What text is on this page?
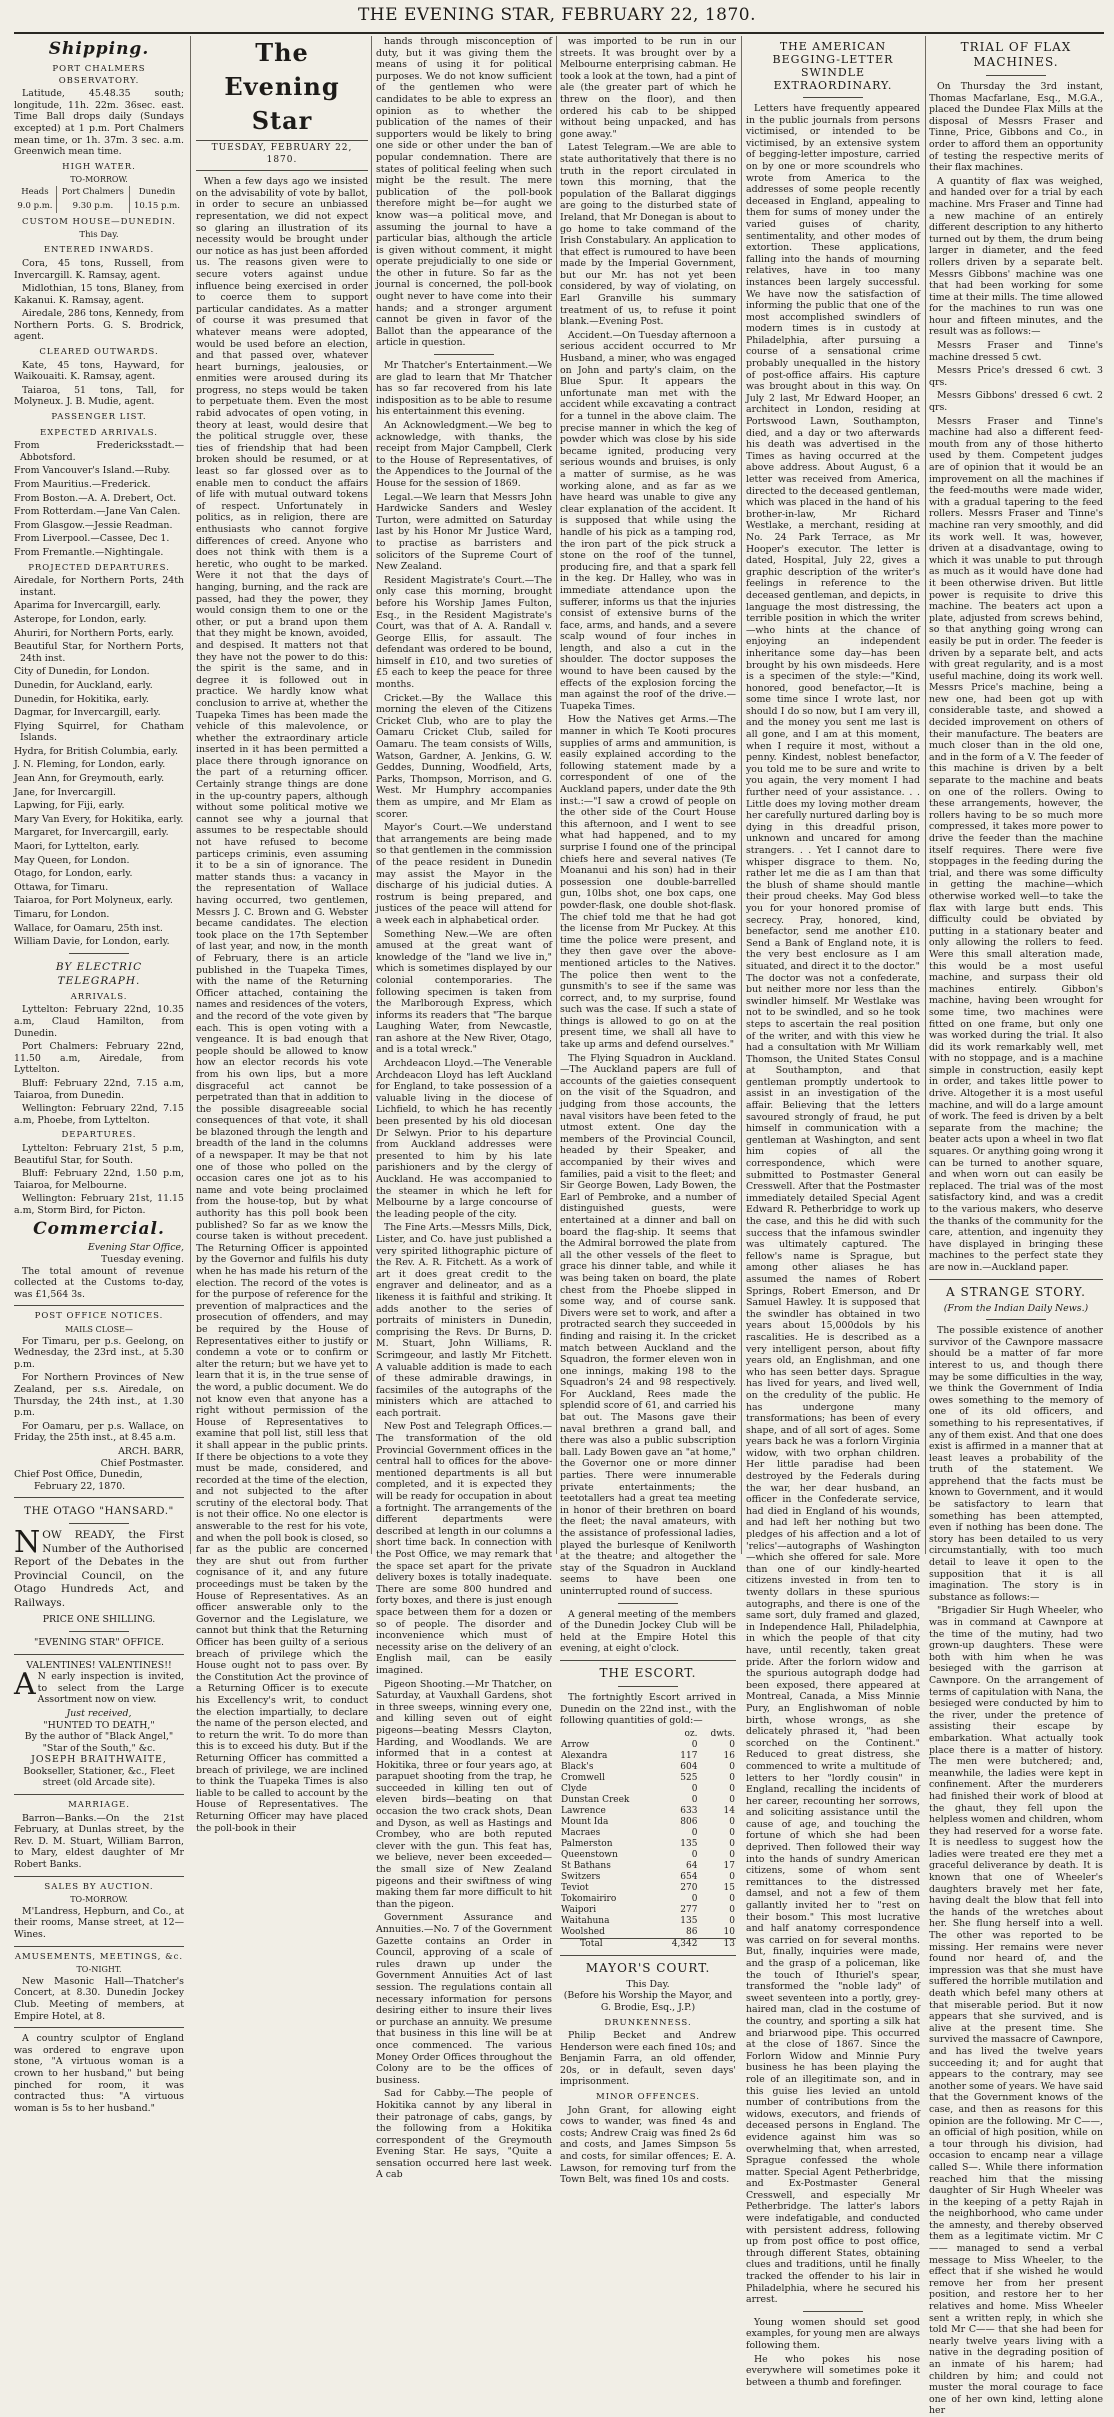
THE EVENING STAR, FEBRUARY 22, 1870.
Shipping.
PORT CHALMERS OBSERVATORY.

Latitude, 45.48.35 south; longitude, 11h. 22m. 36sec. east. Time Ball drops daily (Sundays excepted) at 1 p.m. Port Chalmers mean time, or 1h. 37m. 3 sec. a.m. Greenwich mean time.

HIGH WATER.
TO-MORROW.
Heads	Port Chalmers	Dunedin
9.0 p.m.	9.30 p.m.	10.15 p.m.
CUSTOM HOUSE—DUNEDIN.
This Day.
ENTERED INWARDS.

Cora, 45 tons, Russell, from Invercargill. K. Ramsay, agent.

Midlothian, 15 tons, Blaney, from Kakanui. K. Ramsay, agent.

Airedale, 286 tons, Kennedy, from Northern Ports. G. S. Brodrick, agent.

CLEARED OUTWARDS.

Kate, 45 tons, Hayward, for Waikouaiti. K. Ramsay, agent.

Taiaroa, 51 tons, Tall, for Molyneux. J. B. Mudie, agent.

PASSENGER LIST.
EXPECTED ARRIVALS.

From Fredericksstadt.—Abbotsford.

From Vancouver's Island.—Ruby.

From Mauritius.—Frederick.

From Boston.—A. A. Drebert, Oct.

From Rotterdam.—Jane Van Calen.

From Glasgow.—Jessie Readman.

From Liverpool.—Cassee, Dec 1.

From Fremantle.—Nightingale.

PROJECTED DEPARTURES.

Airedale, for Northern Ports, 24th instant.

Aparima for Invercargill, early.

Asterope, for London, early.

Ahuriri, for Northern Ports, early.

Beautiful Star, for Northern Ports, 24th inst.

City of Dunedin, for London.

Dunedin, for Auckland, early.

Dunedin, for Hokitika, early.

Dagmar, for Invercargill, early.

Flying Squirrel, for Chatham Islands.

Hydra, for British Columbia, early.

J. N. Fleming, for London, early.

Jean Ann, for Greymouth, early.

Jane, for Invercargill.

Lapwing, for Fiji, early.

Mary Van Every, for Hokitika, early.

Margaret, for Invercargill, early.

Maori, for Lyttelton, early.

May Queen, for London.

Otago, for London, early.

Ottawa, for Timaru.

Taiaroa, for Port Molyneux, early.

Timaru, for London.

Wallace, for Oamaru, 25th inst.

William Davie, for London, early.

BY ELECTRIC TELEGRAPH.
ARRIVALS.

Lyttelton: February 22nd, 10.35 a.m, Claud Hamilton, from Dunedin.

Port Chalmers: February 22nd, 11.50 a.m, Airedale, from Lyttelton.

Bluff: February 22nd, 7.15 a.m, Taiaroa, from Dunedin.

Wellington: February 22nd, 7.15 a.m, Phoebe, from Lyttelton.

DEPARTURES.

Lyttelton: February 21st, 5 p.m, Beautiful Star, for South.

Bluff: February 22nd, 1.50 p.m, Taiaroa, for Melbourne.

Wellington: February 21st, 11.15 a.m, Storm Bird, for Picton.

Commercial.
Evening Star Office,
Tuesday evening.

The total amount of revenue collected at the Customs to-day, was £1,564 3s.

POST OFFICE NOTICES.
MAILS CLOSE—

For Timaru, per p.s. Geelong, on Wednesday, the 23rd inst., at 5.30 p.m.

For Northern Provinces of New Zealand, per s.s. Airedale, on Thursday, the 24th inst., at 1.30 p.m.

For Oamaru, per p.s. Wallace, on Friday, the 25th inst., at 8.45 a.m.

ARCH. BARR,
Chief Postmaster.
Chief Post Office, Dunedin,
February 22, 1870.
THE OTAGO "HANSARD."

NOW READY, the First Number of the Authorised Report of the Debates in the Provincial Council, on the Otago Hundreds Act, and Railways.

PRICE ONE SHILLING.
"EVENING STAR" OFFICE.
VALENTINES! VALENTINES!!

A N early inspection is invited, to select from the Large Assortment now on view.

Just received,
"HUNTED TO DEATH,"
By the author of "Black Angel," "Star of the South," &c.
JOSEPH BRAITHWAITE,
Bookseller, Stationer, &c., Fleet street (old Arcade site).
MARRIAGE.

Barron—Banks.—On the 21st February, at Dunlas street, by the Rev. D. M. Stuart, William Barron, to Mary, eldest daughter of Mr Robert Banks.

SALES BY AUCTION.
TO-MORROW.

M'Landress, Hepburn, and Co., at their rooms, Manse street, at 12—Wines.

AMUSEMENTS, MEETINGS, &c.
TO-NIGHT.

New Masonic Hall—Thatcher's Concert, at 8.30. Dunedin Jockey Club. Meeting of members, at Empire Hotel, at 8.

A country sculptor of England was ordered to engrave upon stone, "A virtuous woman is a crown to her husband," but being pinched for room, it was contracted thus: "A virtuous woman is 5s to her husband."

The Evening Star
TUESDAY, FEBRUARY 22, 1870.

When a few days ago we insisted on the advisability of vote by ballot, in order to secure an unbiassed representation, we did not expect so glaring an illustration of its necessity would be brought under our notice as has just been afforded us. The reasons given were to secure voters against undue influence being exercised in order to coerce them to support particular candidates. As a matter of course it was presumed that whatever means were adopted, would be used before an election, and that passed over, whatever heart burnings, jealousies, or enmities were aroused during its progress, no steps would be taken to perpetuate them. Even the most rabid advocates of open voting, in theory at least, would desire that the political struggle over, these ties of friendship that had been broken should be resumed, or at least so far glossed over as to enable men to conduct the affairs of life with mutual outward tokens of respect. Unfortunately in politics, as in religion, there are enthusiasts who cannot forgive differences of creed. Anyone who does not think with them is a heretic, who ought to be marked. Were it not that the days of hanging, burning, and the rack are passed, had they the power, they would consign them to one or the other, or put a brand upon them that they might be known, avoided, and despised. It matters not that they have not the power to do this: the spirit is the same, and in degree it is followed out in practice. We hardly know what conclusion to arrive at, whether the Tuapeka Times has been made the vehicle of this malevolence, or whether the extraordinary article inserted in it has been permitted a place there through ignorance on the part of a returning officer. Certainly strange things are done in the up-country papers, although without some political motive we cannot see why a journal that assumes to be respectable should not have refused to become particeps criminis, even assuming it to be a sin of ignorance. The matter stands thus: a vacancy in the representation of Wallace having occurred, two gentlemen, Messrs J. C. Brown and G. Webster became candidates. The election took place on the 17th September of last year, and now, in the month of February, there is an article published in the Tuapeka Times, with the name of the Returning Officer attached, containing the names and residences of the voters, and the record of the vote given by each. This is open voting with a vengeance. It is bad enough that people should be allowed to know how an elector records his vote from his own lips, but a more disgraceful act cannot be perpetrated than that in addition to the possible disagreeable social consequences of that vote, it shall be blazoned through the length and breadth of the land in the columns of a newspaper. It may be that not one of those who polled on the occasion cares one jot as to his name and vote being proclaimed from the house-top, but by what authority has this poll book been published? So far as we know the course taken is without precedent. The Returning Officer is appointed by the Governor and fulfils his duty when he has made his return of the election. The record of the votes is for the purpose of reference for the prevention of malpractices and the prosecution of offenders, and may be required by the House of Representatives either to justify or condemn a vote or to confirm or alter the return; but we have yet to learn that it is, in the true sense of the word, a public document. We do not know even that anyone has a right without permission of the House of Representatives to examine that poll list, still less that it shall appear in the public prints. If there be objections to a vote they must be made, considered, and recorded at the time of the election, and not subjected to the after scrutiny of the electoral body. That is not their office. No one elector is answerable to the rest for his vote, and when the poll book is closed, so far as the public are concerned they are shut out from further cognisance of it, and any future proceedings must be taken by the House of Representatives. As an officer answerable only to the Governor and the Legislature, we cannot but think that the Returning Officer has been guilty of a serious breach of privilege which the House ought not to pass over. By the Constitution Act the province of a Returning Officer is to execute his Excellency's writ, to conduct the election impartially, to declare the name of the person elected, and to return the writ. To do more than this is to exceed his duty. But if the Returning Officer has committed a breach of privilege, we are inclined to think the Tuapeka Times is also liable to be called to account by the House of Representatives. The Returning Officer may have placed the poll-book in their

hands through misconception of duty, but it was giving them the means of using it for political purposes. We do not know sufficient of the gentlemen who were candidates to be able to express an opinion as to whether the publication of the names of their supporters would be likely to bring one side or other under the ban of popular condemnation. There are states of political feeling when such might be the result. The mere publication of the poll-book therefore might be—for aught we know was—a political move, and assuming the journal to have a particular bias, although the article is given without comment, it might operate prejudicially to one side or the other in future. So far as the journal is concerned, the poll-book ought never to have come into their hands; and a stronger argument cannot be given in favor of the Ballot than the appearance of the article in question.

Mr Thatcher's Entertainment.—We are glad to learn that Mr Thatcher has so far recovered from his late indisposition as to be able to resume his entertainment this evening.

An Acknowledgment.—We beg to acknowledge, with thanks, the receipt from Major Campbell, Clerk to the House of Representatives, of the Appendices to the Journal of the House for the session of 1869.

Legal.—We learn that Messrs John Hardwicke Sanders and Wesley Turton, were admitted on Saturday last by his Honor Mr Justice Ward, to practise as barristers and solicitors of the Supreme Court of New Zealand.

Resident Magistrate's Court.—The only case this morning, brought before his Worship James Fulton, Esq., in the Resident Magistrate's Court, was that of A. A. Randall v. George Ellis, for assault. The defendant was ordered to be bound, himself in £10, and two sureties of £5 each to keep the peace for three months.

Cricket.—By the Wallace this morning the eleven of the Citizens Cricket Club, who are to play the Oamaru Cricket Club, sailed for Oamaru. The team consists of Wills, Watson, Gardner, A. Jenkins, G. W. Geddes, Dunning, Woodfield, Arts, Parks, Thompson, Morrison, and G. West. Mr Humphry accompanies them as umpire, and Mr Elam as scorer.

Mayor's Court.—We understand that arrangements are being made so that gentlemen in the commission of the peace resident in Dunedin may assist the Mayor in the discharge of his judicial duties. A rostrum is being prepared, and justices of the peace will attend for a week each in alphabetical order.

Something New.—We are often amused at the great want of knowledge of the "land we live in," which is sometimes displayed by our colonial contemporaries. The following specimen is taken from the Marlborough Express, which informs its readers that "The barque Laughing Water, from Newcastle, ran ashore at the New River, Otago, and is a total wreck."

Archdeacon Lloyd.—The Venerable Archdeacon Lloyd has left Auckland for England, to take possession of a valuable living in the diocese of Lichfield, to which he has recently been presented by his old diocesan Dr Selwyn. Prior to his departure from Auckland addresses were presented to him by his late parishioners and by the clergy of Auckland. He was accompanied to the steamer in which he left for Melbourne by a large concourse of the leading people of the city.

The Fine Arts.—Messrs Mills, Dick, Lister, and Co. have just published a very spirited lithographic picture of the Rev. A. R. Fitchett. As a work of art it does great credit to the engraver and delineator, and as a likeness it is faithful and striking. It adds another to the series of portraits of ministers in Dunedin, comprising the Revs. Dr Burns, D. M. Stuart, John Williams, R. Scrimgeour, and lastly Mr Fitchett. A valuable addition is made to each of these admirable drawings, in facsimiles of the autographs of the ministers which are attached to each portrait.

New Post and Telegraph Offices.—The transformation of the old Provincial Government offices in the central hall to offices for the above-mentioned departments is all but completed, and it is expected they will be ready for occupation in about a fortnight. The arrangements of the different departments were described at length in our columns a short time back. In connection with the Post Office, we may remark that the space set apart for the private delivery boxes is totally inadequate. There are some 800 hundred and forty boxes, and there is just enough space between them for a dozen or so of people. The disorder and inconvenience which must of necessity arise on the delivery of an English mail, can be easily imagined.

Pigeon Shooting.—Mr Thatcher, on Saturday, at Vauxhall Gardens, shot in three sweeps, winning every one, and killing seven out of eight pigeons—beating Messrs Clayton, Harding, and Woodlands. We are informed that in a contest at Hokitika, three or four years ago, at parapuet shooting from the trap, he succeeded in killing ten out of eleven birds—beating on that occasion the two crack shots, Dean and Dyson, as well as Hastings and Crombey, who are both reputed clever with the gun. This feat has, we believe, never been exceeded—the small size of New Zealand pigeons and their swiftness of wing making them far more difficult to hit than the pigeon.

Government Assurance and Annuities.—No. 7 of the Government Gazette contains an Order in Council, approving of a scale of rules drawn up under the Government Annuities Act of last session. The regulations contain all necessary information for persons desiring either to insure their lives or purchase an annuity. We presume that business in this line will be at once commenced. The various Money Order Offices throughout the Colony are to be the offices of business.

Sad for Cabby.—The people of Hokitika cannot by any liberal in their patronage of cabs, gangs, by the following from a Hokitika correspondent of the Greymouth Evening Star. He says, "Quite a sensation occurred here last week. A cab

was imported to be run in our streets. It was brought over by a Melbourne enterprising cabman. He took a look at the town, had a pint of ale (the greater part of which he threw on the floor), and then ordered his cab to be shipped without being unpacked, and has gone away."

Latest Telegram.—We are able to state authoritatively that there is no truth in the report circulated in town this morning, that the population of the Ballarat diggings are going to the disturbed state of Ireland, that Mr Donegan is about to go home to take command of the Irish Constabulary. An application to that effect is rumoured to have been made by the Imperial Government, but our Mr. has not yet been considered, by way of violating, on Earl Granville his summary treatment of us, to refuse it point blank.—Evening Post.

Accident.—On Tuesday afternoon a serious accident occurred to Mr Husband, a miner, who was engaged on John and party's claim, on the Blue Spur. It appears the unfortunate man met with the accident while excavating a contract for a tunnel in the above claim. The precise manner in which the keg of powder which was close by his side became ignited, producing very serious wounds and bruises, is only a matter of surmise, as he was working alone, and as far as we have heard was unable to give any clear explanation of the accident. It is supposed that while using the handle of his pick as a tamping rod, the iron part of the pick struck a stone on the roof of the tunnel, producing fire, and that a spark fell in the keg. Dr Halley, who was in immediate attendance upon the sufferer, informs us that the injuries consist of extensive burns of the face, arms, and hands, and a severe scalp wound of four inches in length, and also a cut in the shoulder. The doctor supposes the wound to have been caused by the effects of the explosion forcing the man against the roof of the drive.—Tuapeka Times.

How the Natives get Arms.—The manner in which Te Kooti procures supplies of arms and ammunition, is easily explained according to the following statement made by a correspondent of one of the Auckland papers, under date the 9th inst.:—"I saw a crowd of people on the other side of the Court House this afternoon, and I went to see what had happened, and to my surprise I found one of the principal chiefs here and several natives (Te Moananui and his son) had in their possession one double-barrelled gun, 10lbs shot, one box caps, one powder-flask, one double shot-flask. The chief told me that he had got the license from Mr Puckey. At this time the police were present, and they then gave over the above-mentioned articles to the Natives. The police then went to the gunsmith's to see if the same was correct, and, to my surprise, found such was the case. If such a state of things is allowed to go on at the present time, we shall all have to take up arms and defend ourselves."

The Flying Squadron in Auckland.—The Auckland papers are full of accounts of the gaieties consequent on the visit of the Squadron, and judging from those accounts, the naval visitors have been feted to the utmost extent. One day the members of the Provincial Council, headed by their Speaker, and accompanied by their wives and families, paid a visit to the fleet; and Sir George Bowen, Lady Bowen, the Earl of Pembroke, and a number of distinguished guests, were entertained at a dinner and ball on board the flag-ship. It seems that the Admiral borrowed the plate from all the other vessels of the fleet to grace his dinner table, and while it was being taken on board, the plate chest from the Phoebe slipped in some way, and of course sank. Divers were set to work, and after a protracted search they succeeded in finding and raising it. In the cricket match between Auckland and the Squadron, the former eleven won in one innings, making 198 to the Squadron's 24 and 98 respectively. For Auckland, Rees made the splendid score of 61, and carried his bat out. The Masons gave their naval brethren a grand ball, and there was also a public subscription ball. Lady Bowen gave an "at home," the Governor one or more dinner parties. There were innumerable private entertainments; the teetotallers had a great tea meeting in honor of their brethren on board the fleet; the naval amateurs, with the assistance of professional ladies, played the burlesque of Kenilworth at the theatre; and altogether the stay of the Squadron in Auckland seems to have been one uninterrupted round of success.

A general meeting of the members of the Dunedin Jockey Club will be held at the Empire Hotel this evening, at eight o'clock.

THE ESCORT.

The fortnightly Escort arrived in Dunedin on the 22nd inst., with the following quantities of gold:—

	oz.	dwts.
Arrow	0	0
Alexandra	117	16
Black's	604	0
Cromwell	525	0
Clyde	0	0
Dunstan Creek	0	0
Lawrence	633	14
Mount Ida	806	0
Macraes	0	0
Palmerston	135	0
Queenstown	0	0
St Bathans	64	17
Switzers	654	0
Teviot	270	15
Tokomairiro	0	0
Waipori	277	0
Waitahuna	135	0
Woolshed	86	10
Total	4,342	13
MAYOR'S COURT.
This Day.
(Before his Worship the Mayor, and G. Brodie, Esq., J.P.)
DRUNKENNESS.

Philip Becket and Andrew Henderson were each fined 10s; and Benjamin Farra, an old offender, 20s, or in default, seven days' imprisonment.

MINOR OFFENCES.

John Grant, for allowing eight cows to wander, was fined 4s and costs; Andrew Craig was fined 2s 6d and costs, and James Simpson 5s and costs, for similar offences; E. A. Lawson, for removing turf from the Town Belt, was fined 10s and costs.

THE AMERICAN BEGGING-LETTER SWINDLE EXTRAORDINARY.

Letters have frequently appeared in the public journals from persons victimised, or intended to be victimised, by an extensive system of begging-letter imposture, carried on by one or more scoundrels who wrote from America to the addresses of some people recently deceased in England, appealing to them for sums of money under the varied guises of charity, sentimentality, and other modes of extortion. These applications, falling into the hands of mourning relatives, have in too many instances been largely successful. We have now the satisfaction of informing the public that one of the most accomplished swindlers of modern times is in custody at Philadelphia, after pursuing a course of a sensational crime probably unequalled in the history of post-office affairs. His capture was brought about in this way. On July 2 last, Mr Edward Hooper, an architect in London, residing at Portswood Lawn, Southampton, died, and a day or two afterwards his death was advertised in the Times as having occurred at the above address. About August, 6 a letter was received from America, directed to the deceased gentleman, which was placed in the hand of his brother-in-law, Mr Richard Westlake, a merchant, residing at No. 24 Park Terrace, as Mr Hooper's executor. The letter is dated, Hospital, July 22, gives a graphic description of the writer's feelings in reference to the deceased gentleman, and depicts, in language the most distressing, the terrible position in which the writer—who hints at the chance of enjoying an independent inheritance some day—has been brought by his own misdeeds. Here is a specimen of the style:—"Kind, honored, good benefactor,—It is some time since I wrote last, nor should I do so now, but I am very ill, and the money you sent me last is all gone, and I am at this moment, when I require it most, without a penny. Kindest, noblest benefactor, you told me to be sure and write to you again, the very moment I had further need of your assistance. . . Little does my loving mother dream her carefully nurtured darling boy is dying in this dreadful prison, unknown and uncared for among strangers. . . Yet I cannot dare to whisper disgrace to them. No, rather let me die as I am than that the blush of shame should mantle their proud cheeks. May God bless you for your honored promise of secrecy. Pray, honored, kind, benefactor, send me another £10. Send a Bank of England note, it is the very best enclosure as I am situated, and direct it to the doctor." The doctor was not a confederate, but neither more nor less than the swindler himself. Mr Westlake was not to be swindled, and so he took steps to ascertain the real position of the writer, and with this view he had a consultation with Mr William Thomson, the United States Consul at Southampton, and that gentleman promptly undertook to assist in an investigation of the affair. Believing that the letters savoured strongly of fraud, he put himself in communication with a gentleman at Washington, and sent him copies of all the correspondence, which were submitted to Postmaster General Cresswell. After that the Postmaster immediately detailed Special Agent Edward R. Petherbridge to work up the case, and this he did with such success that the infamous swindler was ultimately captured. The fellow's name is Sprague, but among other aliases he has assumed the names of Robert Springs, Robert Emerson, and Dr Samuel Hawley. It is supposed that the swindler has obtained in two years about 15,000dols by his rascalities. He is described as a very intelligent person, about fifty years old, an Englishman, and one who has seen better days. Sprague has lived for years, and lived well, on the credulity of the public. He has undergone many transformations; has been of every shape, and of all sort of ages. Some years back he was a forlorn Virginia widow, with two orphan children. Her little paradise had been destroyed by the Federals during the war, her dear husband, an officer in the Confederate service, had died in England of his wounds, and had left her nothing but two pledges of his affection and a lot of 'relics'—autographs of Washington—which she offered for sale. More than one of our kindly-hearted citizens invested in from ten to twenty dollars in these spurious autographs, and there is one of the same sort, duly framed and glazed, in Independence Hall, Philadelphia, in which the people of that city have, until recently, taken great pride. After the forlorn widow and the spurious autograph dodge had been exposed, there appeared at Montreal, Canada, a Miss Minnie Pury, an Englishwoman of noble birth, whose wrongs, as she delicately phrased it, "had been scorched on the Continent." Reduced to great distress, she commenced to write a multitude of letters to her "lordly cousin" in England, recalling the incidents of her career, recounting her sorrows, and soliciting assistance until the cause of age, and touching the fortune of which she had been deprived. Then followed their way into the hands of sundry American citizens, some of whom sent remittances to the distressed damsel, and not a few of them gallantly invited her to "rest on their bosom." This most lucrative and half anatomy correspondence was carried on for several months. But, finally, inquiries were made, and the grasp of a policeman, like the touch of Ithuriel's spear, transformed the "noble lady" of sweet seventeen into a portly, grey-haired man, clad in the costume of the country, and sporting a silk hat and briarwood pipe. This occurred at the close of 1867. Since the Forlorn Widow and Minnie Pury business he has been playing the role of an illegitimate son, and in this guise lies levied an untold number of contributions from the widows, executors, and friends of deceased persons in England. The evidence against him was so overwhelming that, when arrested, Sprague confessed the whole matter. Special Agent Petherbridge, and Ex-Postmaster General Cresswell, and especially Mr Petherbridge. The latter's labors were indefatigable, and conducted with persistent address, following up from post office to post office, through different States, obtaining clues and traditions, until he finally tracked the offender to his lair in Philadelphia, where he secured his arrest.

Young women should set good examples, for young men are always following them.

He who pokes his nose everywhere will sometimes poke it between a thumb and forefinger.

TRIAL OF FLAX MACHINES.

On Thursday the 3rd instant, Thomas Macfarlane, Esq., M.G.A., placed the Dundee Flax Mills at the disposal of Messrs Fraser and Tinne, Price, Gibbons and Co., in order to afford them an opportunity of testing the respective merits of their flax machines.

A quantity of flax was weighed, and handed over for a trial by each machine. Mrs Fraser and Tinne had a new machine of an entirely different description to any hitherto turned out by them, the drum being larger in diameter, and the feed rollers driven by a separate belt. Messrs Gibbons' machine was one that had been working for some time at their mills. The time allowed for the machines to run was one hour and fifteen minutes, and the result was as follows:—

Messrs Fraser and Tinne's machine dressed 5 cwt.

Messrs Price's dressed 6 cwt. 3 qrs.

Messrs Gibbons' dressed 6 cwt. 2 qrs.

Messrs Fraser and Tinne's machine had also a different feed-mouth from any of those hitherto used by them. Competent judges are of opinion that it would be an improvement on all the machines if the feed-mouths were made wider, with a gradual tapering to the feed rollers. Messrs Fraser and Tinne's machine ran very smoothly, and did its work well. It was, however, driven at a disadvantage, owing to which it was unable to put through as much as it would have done had it been otherwise driven. But little power is requisite to drive this machine. The beaters act upon a plate, adjusted from screws behind, so that anything going wrong can easily be put in order. The feeder is driven by a separate belt, and acts with great regularity, and is a most useful machine, doing its work well. Messrs Price's machine, being a new one, had been got up with considerable taste, and showed a decided improvement on others of their manufacture. The beaters are much closer than in the old one, and in the form of a V. The feeder of this machine is driven by a belt separate to the machine and beats on one of the rollers. Owing to these arrangements, however, the rollers having to be so much more compressed, it takes more power to drive the feeder than the machine itself requires. There were five stoppages in the feeding during the trial, and there was some difficulty in getting the machine—which otherwise worked well—to take the flax with large butt ends. This difficulty could be obviated by putting in a stationary beater and only allowing the rollers to feed. Were this small alteration made, this would be a most useful machine, and surpass their old machines entirely. Gibbon's machine, having been wrought for some time, two machines were fitted on one frame, but only one was worked during the trial. It also did its work remarkably well, met with no stoppage, and is a machine simple in construction, easily kept in order, and takes little power to drive. Altogether it is a most useful machine, and will do a large amount of work. The feed is driven by a belt separate from the machine; the beater acts upon a wheel in two flat squares. Or anything going wrong it can be turned to another square, and when worn out can easily be replaced. The trial was of the most satisfactory kind, and was a credit to the various makers, who deserve the thanks of the community for the care, attention, and ingenuity they have displayed in bringing these machines to the perfect state they are now in.—Auckland paper.

A STRANGE STORY.
(From the Indian Daily News.)

The possible existence of another survivor of the Cawnpore massacre should be a matter of far more interest to us, and though there may be some difficulties in the way, we think the Government of India owes something to the memory of one of its old officers, and something to his representatives, if any of them exist. And that one does exist is affirmed in a manner that at least leaves a probability of the truth of the statement. We apprehend that the facts must be known to Government, and it would be satisfactory to learn that something has been attempted, even if nothing has been done. The story has been detailed to us very circumstantially, with too much detail to leave it open to the supposition that it is all imagination. The story is in substance as follows:—

"Brigadier Sir Hugh Wheeler, who was in command at Cawnpore at the time of the mutiny, had two grown-up daughters. These were both with him when he was besieged with the garrison at Cawnpore. On the arrangement of terms of capitulation with Nana, the besieged were conducted by him to the river, under the pretence of assisting their escape by embarkation. What actually took place there is a matter of history. The men were butchered; and, meanwhile, the ladies were kept in confinement. After the murderers had finished their work of blood at the ghaut, they fell upon the helpless women and children, whom they had reserved for a worse fate. It is needless to suggest how the ladies were treated ere they met a graceful deliverance by death. It is known that one of Wheeler's daughters bravely met her fate, having dealt the blow that fell into the hands of the wretches about her. She flung herself into a well. The other was reported to be missing. Her remains were never found nor heard of, and the impression was that she must have suffered the horrible mutilation and death which befel many others at that miserable period. But it now appears that she survived, and is alive at the present time. She survived the massacre of Cawnpore, and has lived the twelve years succeeding it; and for aught that appears to the contrary, may see another some of years. We have said that the Government knows of the case, and then as reasons for this opinion are the following. Mr C——, an official of high position, while on a tour through his division, had occasion to encamp near a village called S—. While there information reached him that the missing daughter of Sir Hugh Wheeler was in the keeping of a petty Rajah in the neighborhood, who came under the amnesty, and thereby observed them as a legitimate victim. Mr C—— managed to send a verbal message to Miss Wheeler, to the effect that if she wished he would remove her from her present position, and restore her to her relatives and home. Miss Wheeler sent a written reply, in which she told Mr C—— that she had been for nearly twelve years living with a native in the degrading position of an inmate of his harem; had children by him; and could not muster the moral courage to face one of her own kind, letting alone her
